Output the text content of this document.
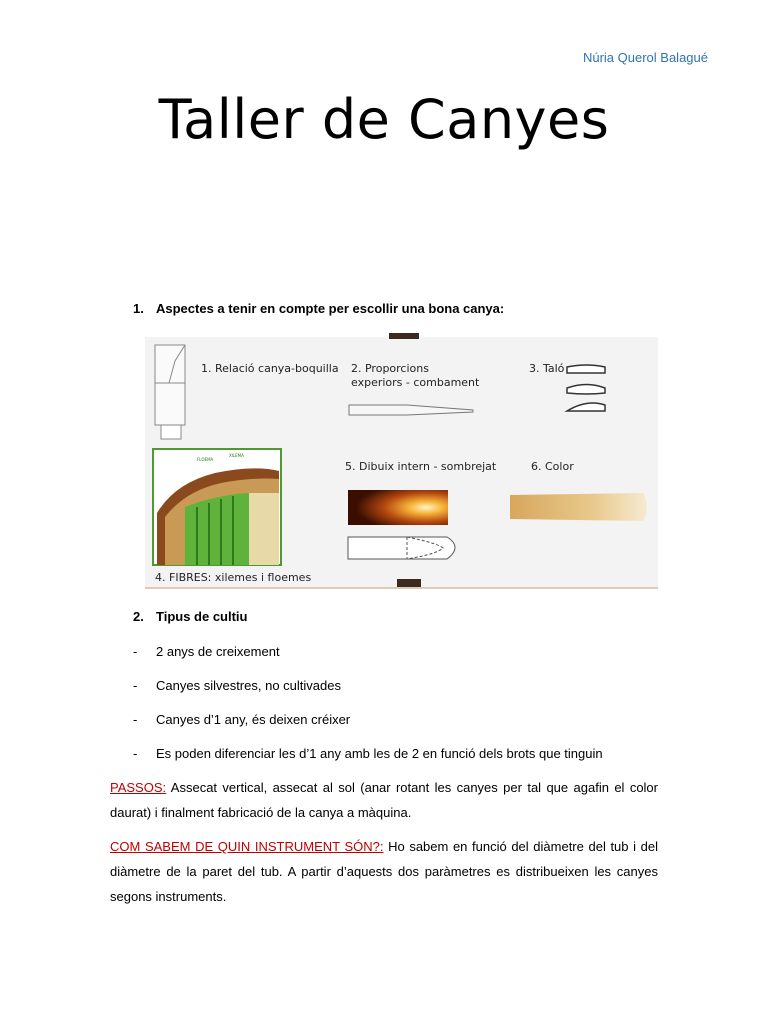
Núria Querol Balagué
Taller de Canyes
1. Aspectes a tenir en compte per escollir una bona canya:
1. Relació canya-boquilla 2. Proporcions
experiors - combament
3. Taló
FLOEMA
XILEMA
4. FIBRES: xilemes i floemes
5. Dibuix intern - sombrejat	6. Color
2. Tipus de cultiu
- 2 anys de creixement
- Canyes silvestres, no cultivades
- Canyes d’1 any, és deixen créixer
- Es poden diferenciar les d’1 any amb les de 2 en funció dels brots que tinguin
PASSOS: Assecat vertical, assecat al sol (anar rotant les canyes per tal que agafin el color daurat) i finalment fabricació de la canya a màquina.
COM SABEM DE QUIN INSTRUMENT SÓN?: Ho sabem en funció del diàmetre del tub i del diàmetre de la paret del tub. A partir d’aquests dos paràmetres es distribueixen les canyes segons instruments.
